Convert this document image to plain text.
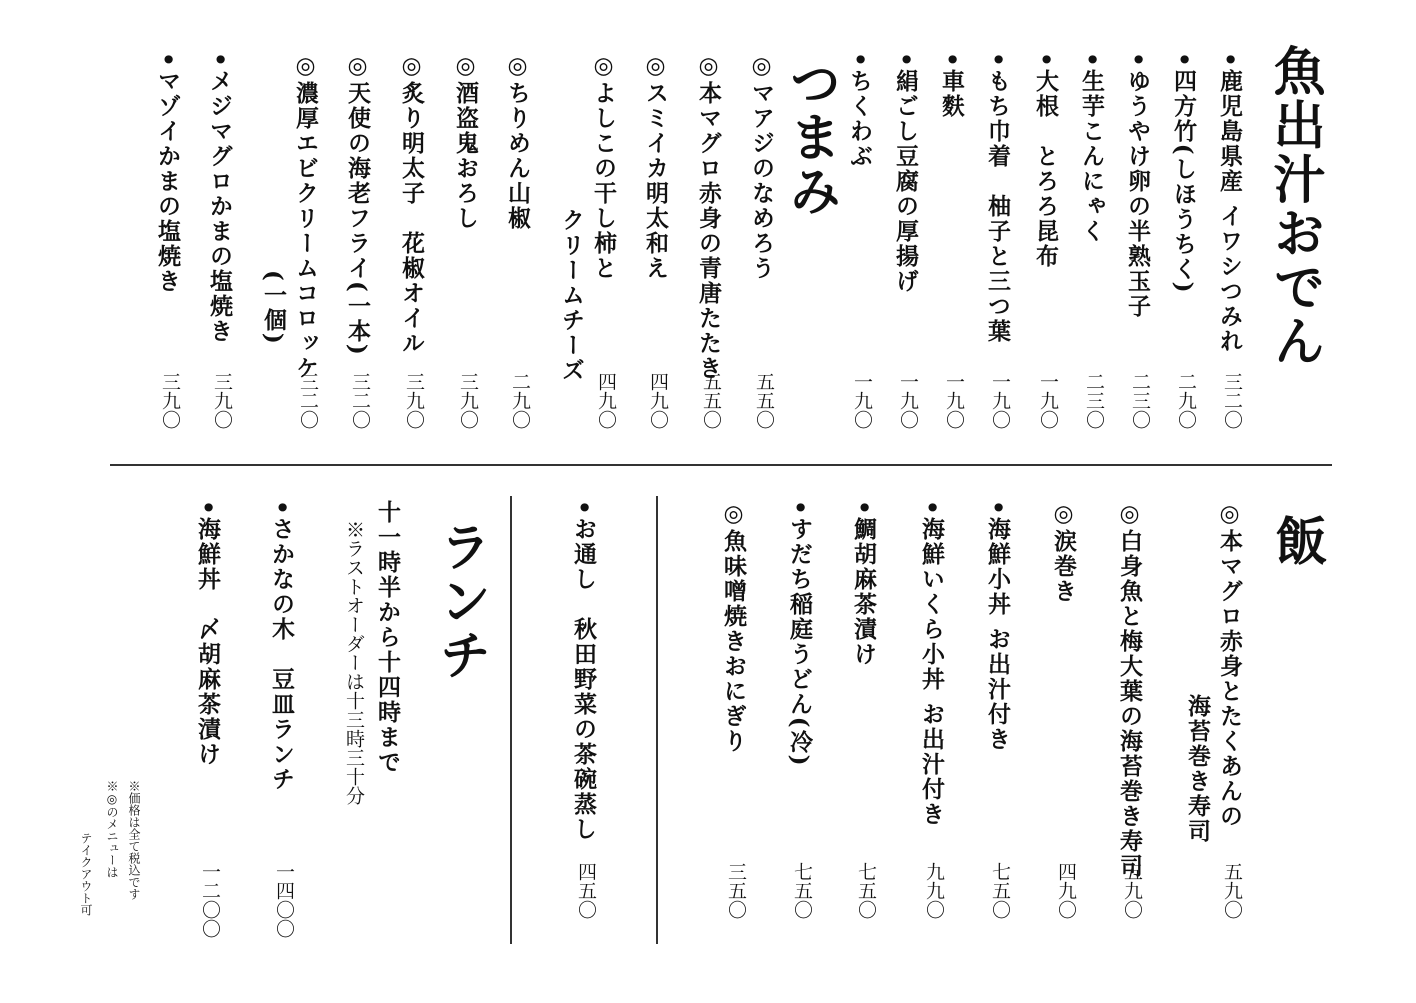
魚出汁おでん
•鹿児島県産 イワシつみれ
三二〇
•四方竹(しほうちく)
二九〇
•ゆうやけ卵の半熟玉子
二三〇
•生芋こんにゃく
二三〇
•大根　とろろ昆布
一九〇
•もち巾着　柚子と三つ葉
一九〇
•車麩
一九〇
•絹ごし豆腐の厚揚げ
一九〇
•ちくわぶ
一九〇
つまみ
◎マアジのなめろう
五五〇
◎本マグロ赤身の青唐たたき
五五〇
◎スミイカ明太和え
四九〇
◎よしこの干し柿と
クリームチーズ
四九〇
◎ちりめん山椒
二九〇
◎酒盗鬼おろし
三九〇
◎炙り明太子　花椒オイル
三九〇
◎天使の海老フライ(一本)
三二〇
◎濃厚エビクリームコロッケ
(一個)
三二〇
•メジマグロかまの塩焼き
三九〇
•マゾイかまの塩焼き
三九〇
飯
◎本マグロ赤身とたくあんの
海苔巻き寿司
五九〇
◎白身魚と梅大葉の海苔巻き寿司
五九〇
◎涙巻き
四九〇
•海鮮小丼 お出汁付き
七五〇
•海鮮いくら小丼 お出汁付き
九九〇
•鯛胡麻茶漬け
七五〇
•すだち稲庭うどん(冷)
七五〇
◎魚味噌焼きおにぎり
三五〇
•お通し　秋田野菜の茶碗蒸し
四五〇
ランチ
十一時半から十四時まで
※ラストオーダーは十三時三十分
•さかなの木　豆皿ランチ
一四〇〇
•海鮮丼　〆胡麻茶漬け
一二〇〇
※価格は全て税込です
※◎のメニューは
テイクアウト可
